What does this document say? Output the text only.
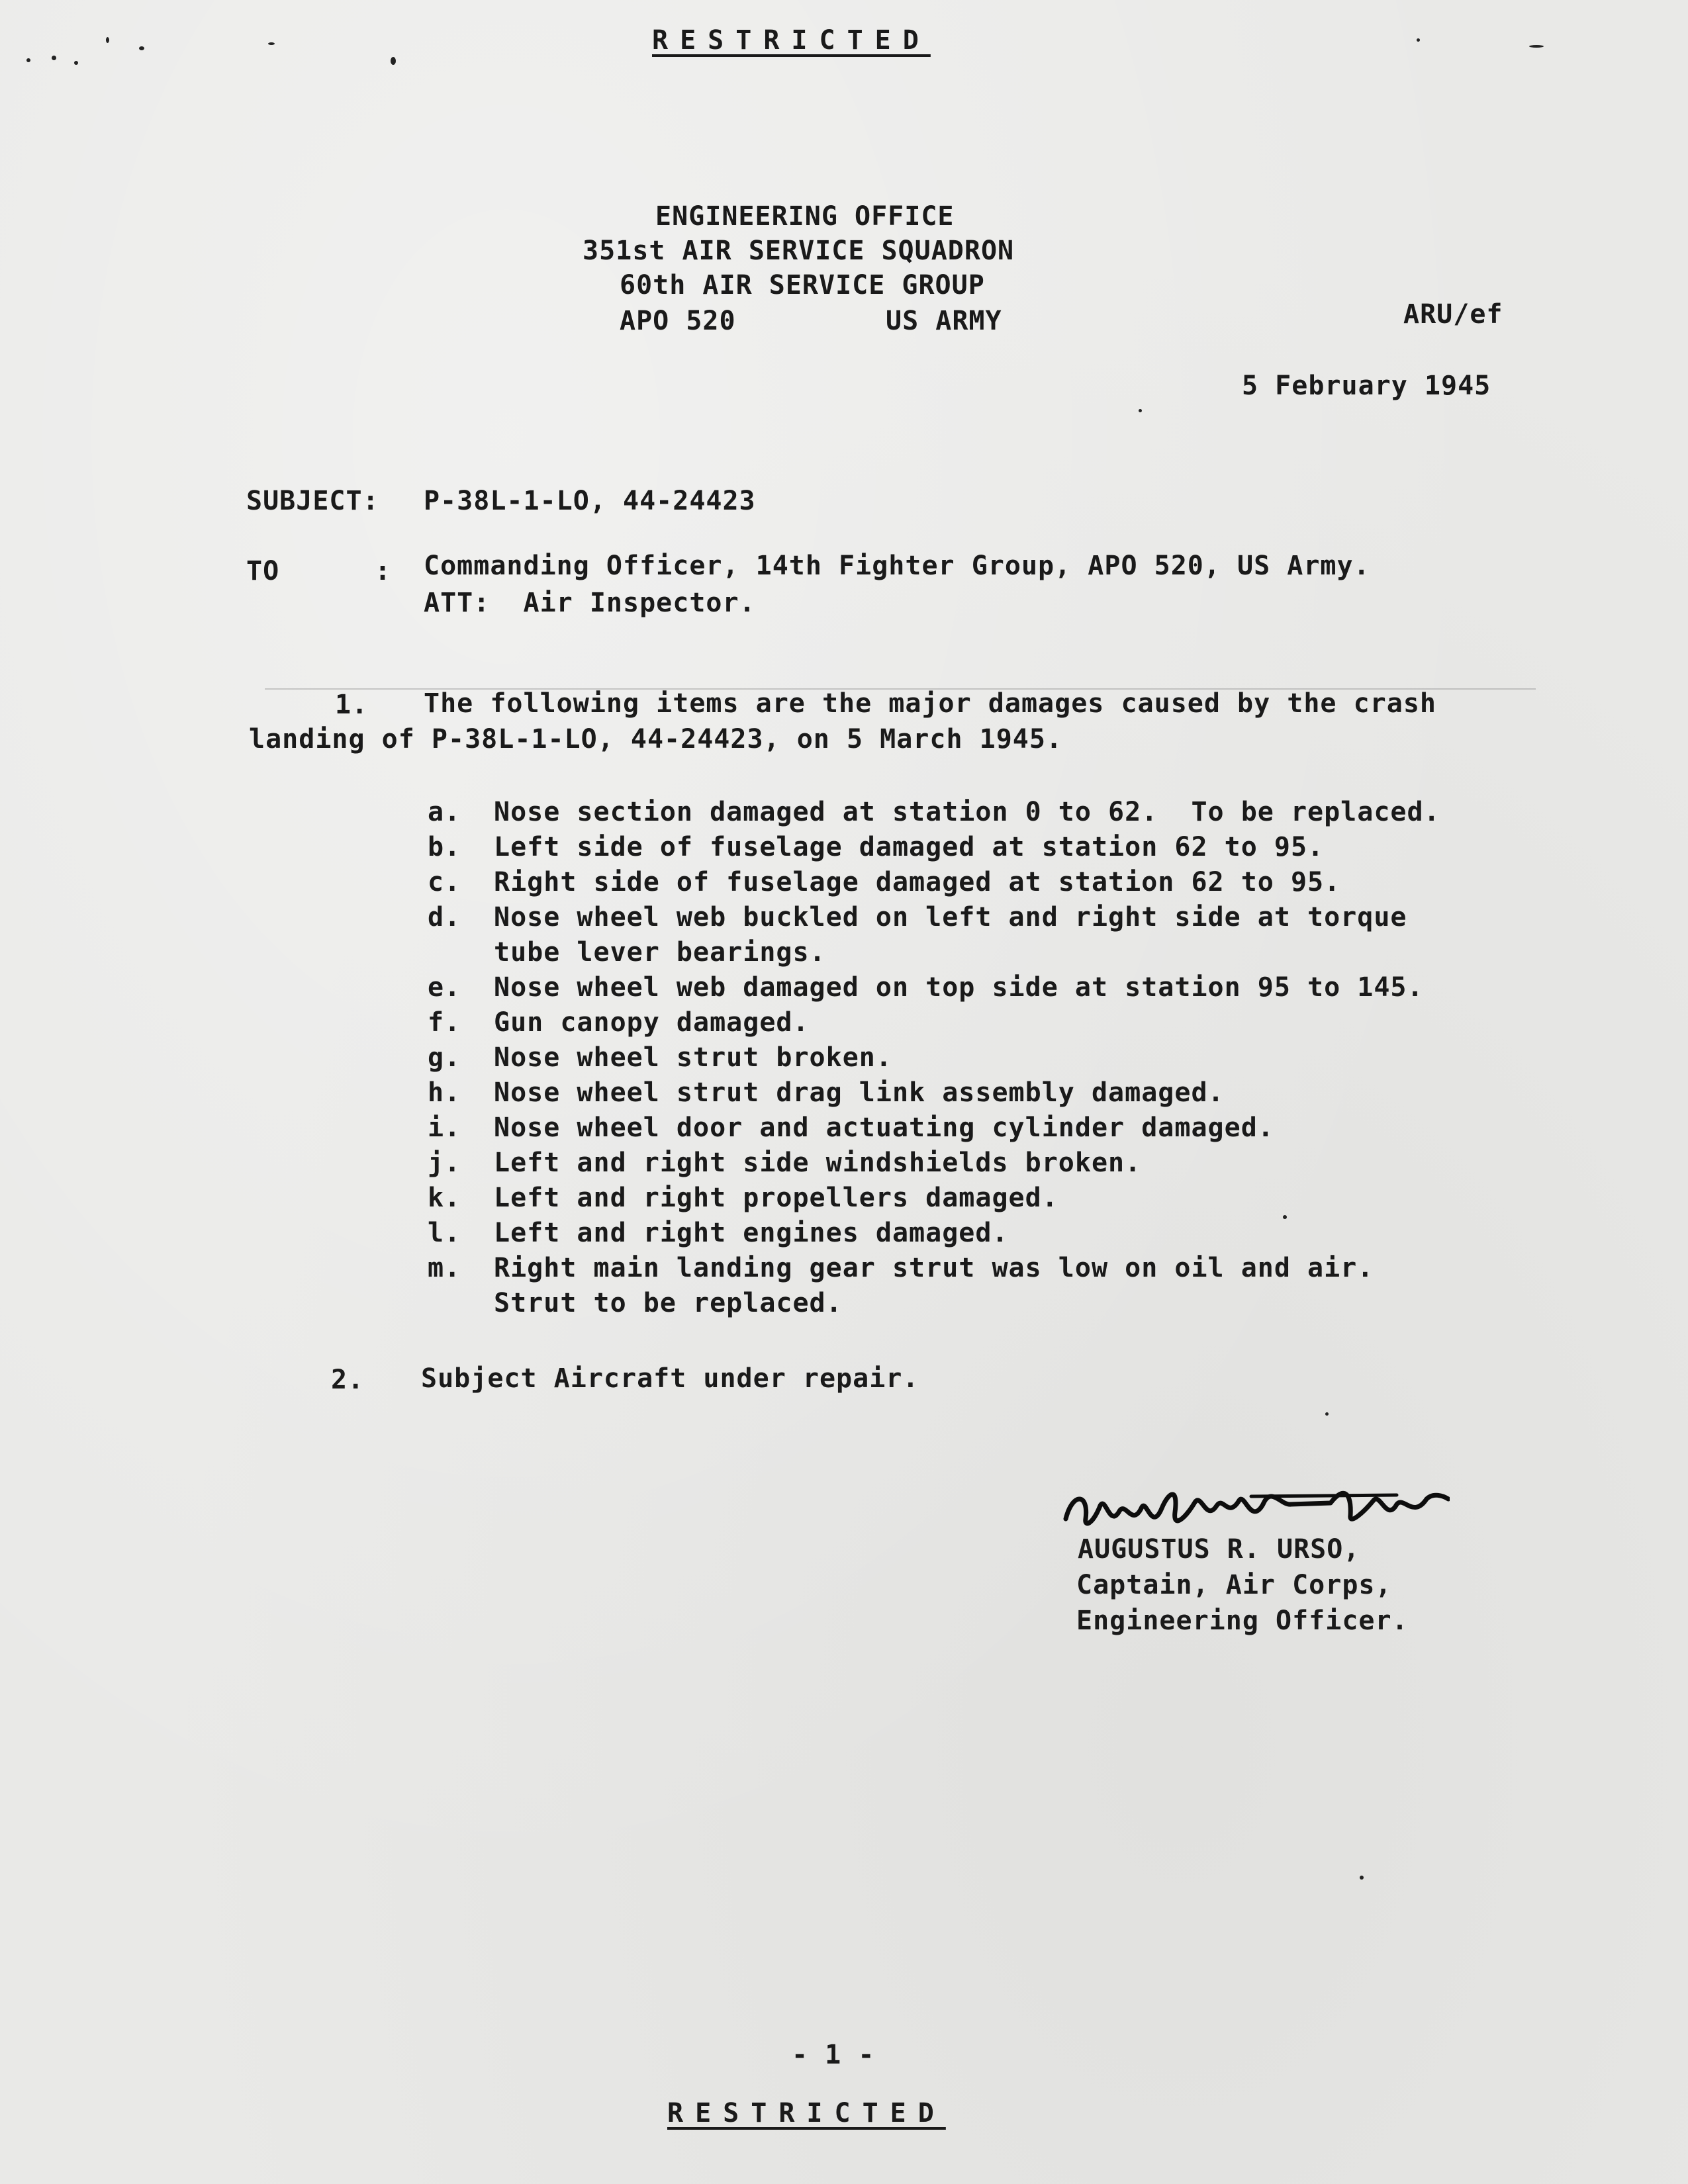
RESTRICTED
ENGINEERING OFFICE
351st AIR SERVICE SQUADRON
60th AIR SERVICE GROUP
APO 520	US ARMY	ARU/ef
5 February 1945
SUBJECT: P-38L-1-LO, 44-24423
TO	: Commanding Officer, 14th Fighter Group, APO 520, US Army.
ATT:  Air Inspector.
1. The following items are the major damages caused by the crash
landing of P-38L-1-LO, 44-24423, on 5 March 1945.
a. Nose section damaged at station 0 to 62.  To be replaced.
b. Left side of fuselage damaged at station 62 to 95.
c. Right side of fuselage damaged at station 62 to 95.
d. Nose wheel web buckled on left and right side at torque
tube lever bearings.
e. Nose wheel web damaged on top side at station 95 to 145.
f. Gun canopy damaged.
g. Nose wheel strut broken.
h. Nose wheel strut drag link assembly damaged.
i. Nose wheel door and actuating cylinder damaged.
j. Left and right side windshields broken.
k. Left and right propellers damaged.
l. Left and right engines damaged.
m. Right main landing gear strut was low on oil and air.
Strut to be replaced.
2. Subject Aircraft under repair.
AUGUSTUS R. URSO,
Captain, Air Corps,
Engineering Officer.
- 1 -
RESTRICTED
